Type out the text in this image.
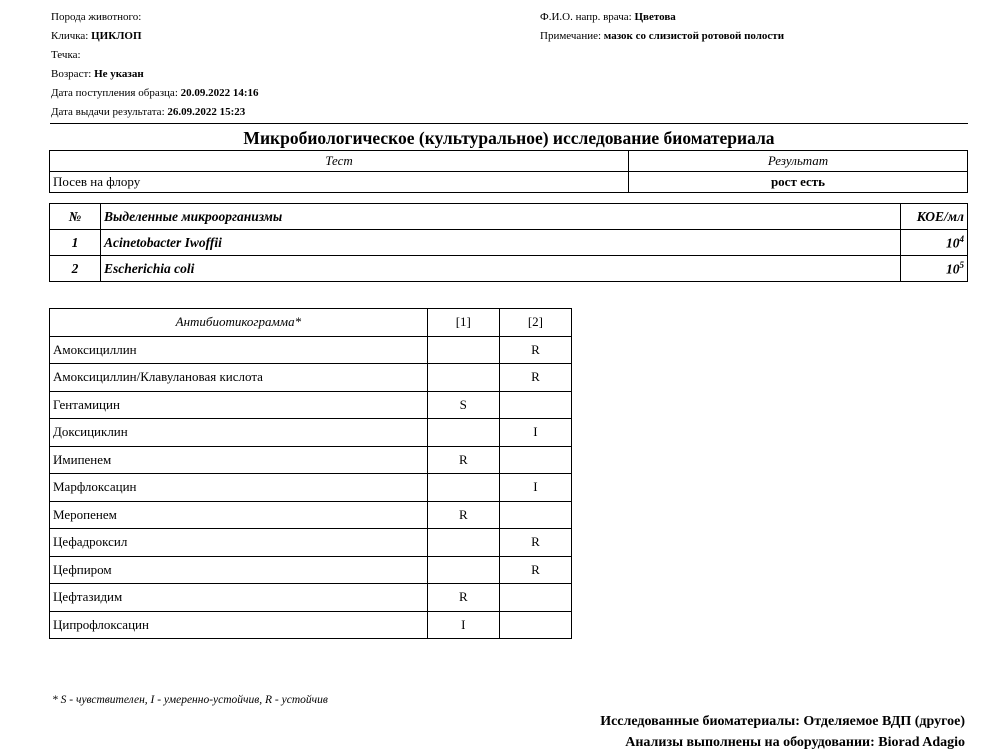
Порода животного:
Кличка: ЦИКЛОП
Течка:
Возраст: Не указан
Дата поступления образца: 20.09.2022 14:16
Дата выдачи результата: 26.09.2022 15:23
Ф.И.О. напр. врача: Цветова
Примечание: мазок со слизистой ротовой полости
Микробиологическое (культуральное) исследование биоматериала
Тест	Результат
Посев на флору	рост есть
№	Выделенные микроорганизмы	КОЕ/мл
1	Acinetobacter Iwoffii	$10^4$
2	Escherichia coli	$10^5$
Антибиотикограмма*	[1]	[2]
Амоксициллин		R
Амоксициллин/Клавулановая кислота		R
Гентамицин	S	
Доксициклин		I
Имипенем	R	
Марфлоксацин		I
Меропенем	R	
Цефадроксил		R
Цефпиром		R
Цефтазидим	R	
Ципрофлоксацин	I	
* S - чувствителен, I - умеренно-устойчив, R - устойчив
Исследованные биоматериалы: Отделяемое ВДП (другое)
Анализы выполнены на оборудовании: Biorad Adagio
